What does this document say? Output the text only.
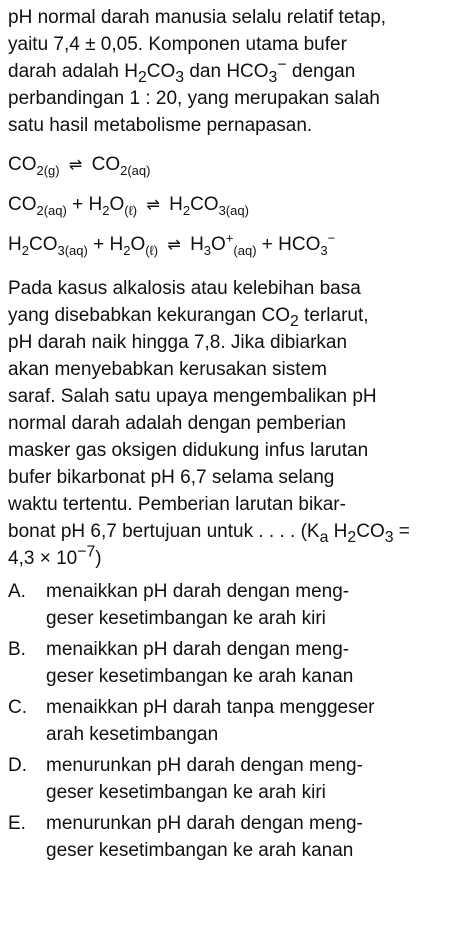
pH normal darah manusia selalu relatif tetap,

yaitu 7,4 ± 0,05. Komponen utama bufer

darah adalah $H_2CO_3$ dan $HCO_3^-$ dengan

perbandingan 1 : 20, yang merupakan salah

satu hasil metabolisme pernapasan.

$CO_{2(g)}$ ⇌ $CO_{2(aq)}$
$CO_{2(aq)} + H_2O_{(\ell)}$ ⇌ $H_2CO_{3(aq)}$
$H_2CO_{3(aq)} + H_2O_{(\ell)}$ ⇌ $H_3O^+_{(aq)} + HCO_3^-$

Pada kasus alkalosis atau kelebihan basa

yang disebabkan kekurangan $CO_2$ terlarut,

pH darah naik hingga 7,8. Jika dibiarkan

akan menyebabkan kerusakan sistem

saraf. Salah satu upaya mengembalikan pH

normal darah adalah dengan pemberian

masker gas oksigen didukung infus larutan

bufer bikarbonat pH 6,7 selama selang

waktu tertentu. Pemberian larutan bikar-

bonat pH 6,7 bertujuan untuk . . . . ($K_a$ $H_2CO_3$ =

$4,3 \times 10^{-7}$)

A.	menaikkan pH darah dengan meng-
geser kesetimbangan ke arah kiri
B.	menaikkan pH darah dengan meng-
geser kesetimbangan ke arah kanan
C.	menaikkan pH darah tanpa menggeser
arah kesetimbangan
D.	menurunkan pH darah dengan meng-
geser kesetimbangan ke arah kiri
E.	menurunkan pH darah dengan meng-
geser kesetimbangan ke arah kanan
